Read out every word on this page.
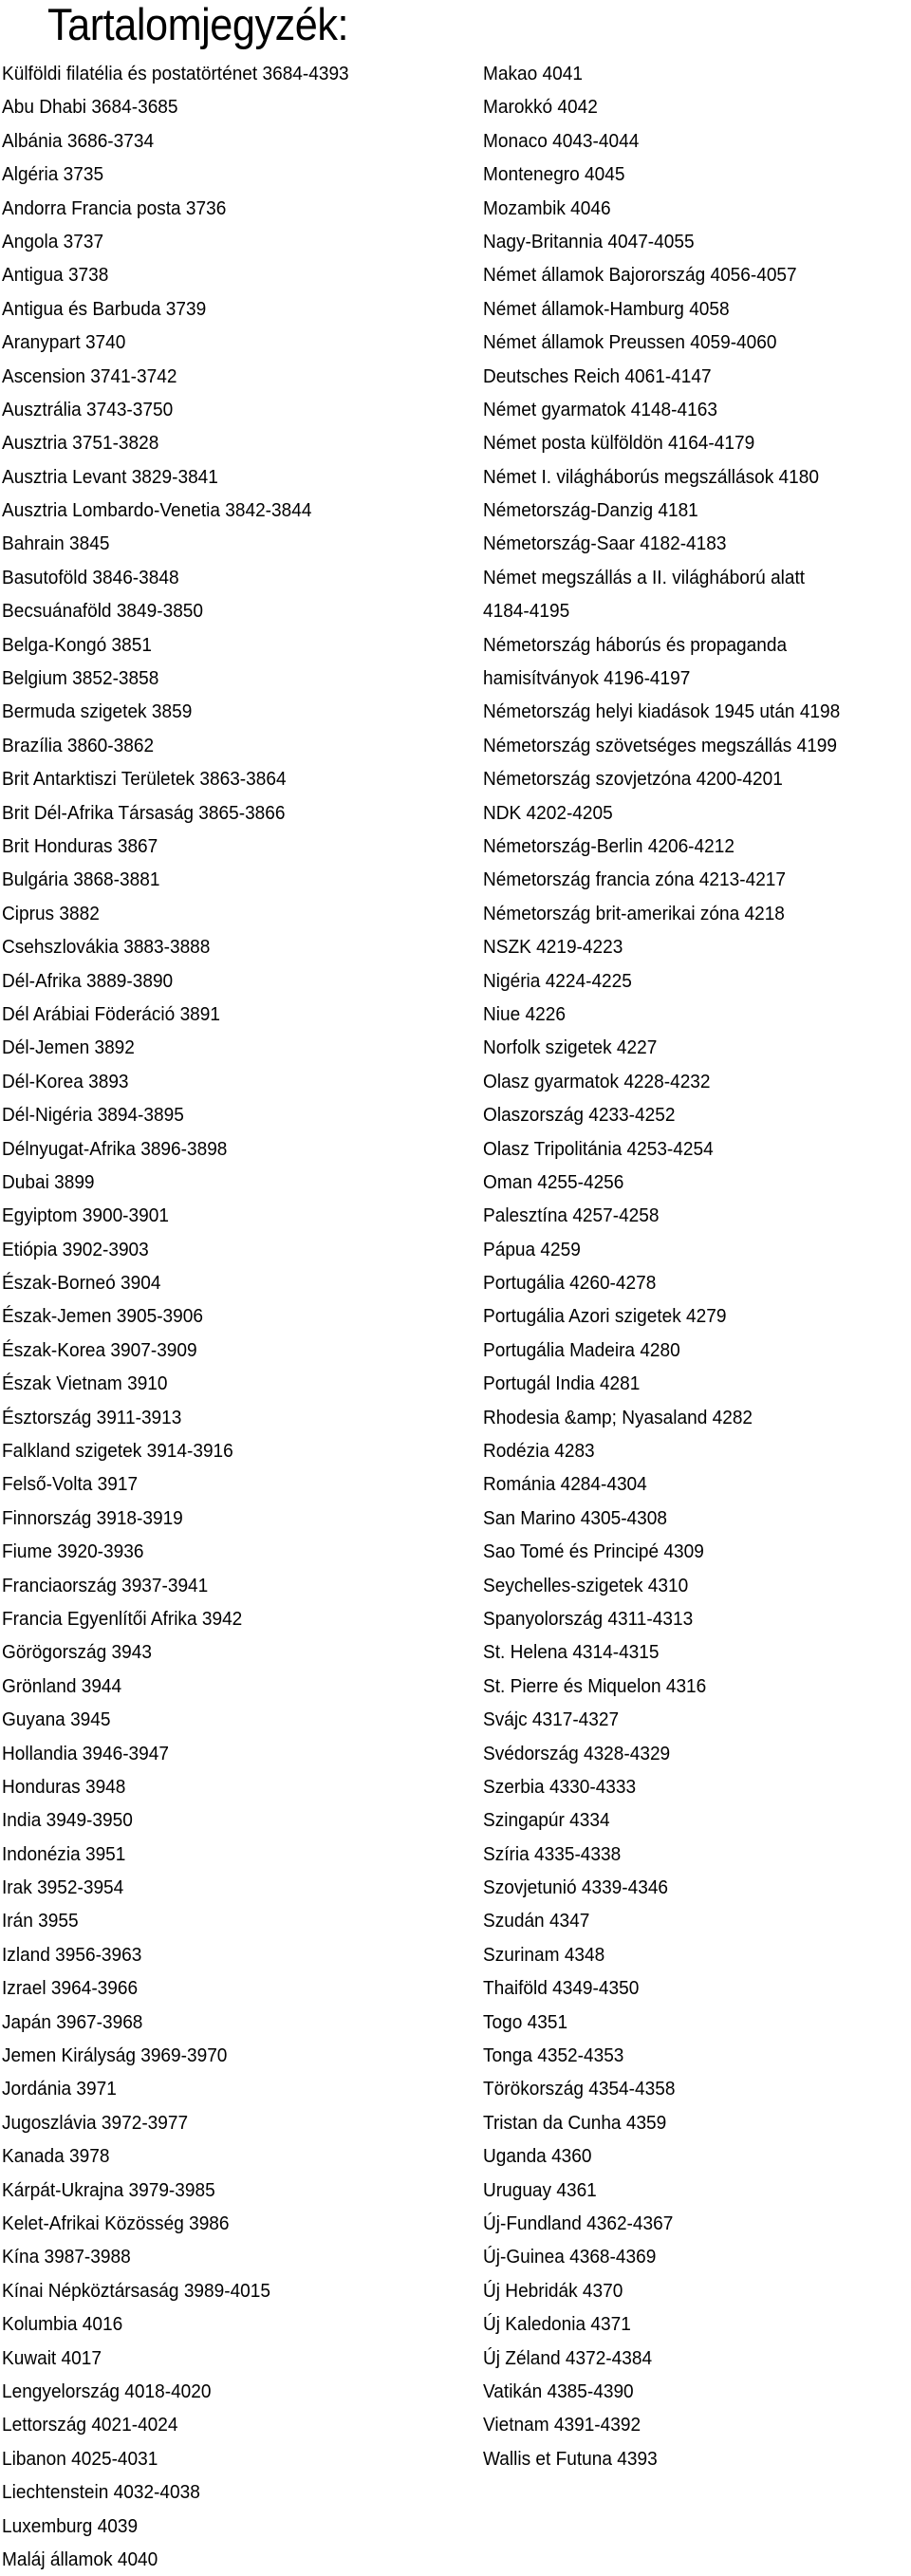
Tartalomjegyzék:
Külföldi filatélia és postatörténet 3684-4393
Abu Dhabi 3684-3685
Albánia 3686-3734
Algéria 3735
Andorra Francia posta 3736
Angola 3737
Antigua 3738
Antigua és Barbuda 3739
Aranypart 3740
Ascension 3741-3742
Ausztrália 3743-3750
Ausztria 3751-3828
Ausztria Levant 3829-3841
Ausztria Lombardo-Venetia 3842-3844
Bahrain 3845
Basutoföld 3846-3848
Becsuánaföld 3849-3850
Belga-Kongó 3851
Belgium 3852-3858
Bermuda szigetek 3859
Brazília 3860-3862
Brit Antarktiszi Területek 3863-3864
Brit Dél-Afrika Társaság 3865-3866
Brit Honduras 3867
Bulgária 3868-3881
Ciprus 3882
Csehszlovákia 3883-3888
Dél-Afrika 3889-3890
Dél Arábiai Föderáció 3891
Dél-Jemen 3892
Dél-Korea 3893
Dél-Nigéria 3894-3895
Délnyugat-Afrika 3896-3898
Dubai 3899
Egyiptom 3900-3901
Etiópia 3902-3903
Észak-Borneó 3904
Észak-Jemen 3905-3906
Észak-Korea 3907-3909
Észak Vietnam 3910
Észtország 3911-3913
Falkland szigetek 3914-3916
Felső-Volta 3917
Finnország 3918-3919
Fiume 3920-3936
Franciaország 3937-3941
Francia Egyenlítői Afrika 3942
Görögország 3943
Grönland 3944
Guyana 3945
Hollandia 3946-3947
Honduras 3948
India 3949-3950
Indonézia 3951
Irak 3952-3954
Irán 3955
Izland 3956-3963
Izrael 3964-3966
Japán 3967-3968
Jemen Királyság 3969-3970
Jordánia 3971
Jugoszlávia 3972-3977
Kanada 3978
Kárpát-Ukrajna 3979-3985
Kelet-Afrikai Közösség 3986
Kína 3987-3988
Kínai Népköztársaság 3989-4015
Kolumbia 4016
Kuwait 4017
Lengyelország 4018-4020
Lettország 4021-4024
Libanon 4025-4031
Liechtenstein 4032-4038
Luxemburg 4039
Maláj államok 4040
Makao 4041
Marokkó 4042
Monaco 4043-4044
Montenegro 4045
Mozambik 4046
Nagy-Britannia 4047-4055
Német államok Bajorország 4056-4057
Német államok-Hamburg 4058
Német államok Preussen 4059-4060
Deutsches Reich 4061-4147
Német gyarmatok 4148-4163
Német posta külföldön 4164-4179
Német I. világháborús megszállások 4180
Németország-Danzig 4181
Németország-Saar 4182-4183
Német megszállás a II. világháború alatt
4184-4195
Németország háborús és propaganda
hamisítványok 4196-4197
Németország helyi kiadások 1945 után 4198
Németország szövetséges megszállás 4199
Németország szovjetzóna 4200-4201
NDK 4202-4205
Németország-Berlin 4206-4212
Németország francia zóna 4213-4217
Németország brit-amerikai zóna 4218
NSZK 4219-4223
Nigéria 4224-4225
Niue 4226
Norfolk szigetek 4227
Olasz gyarmatok 4228-4232
Olaszország 4233-4252
Olasz Tripolitánia 4253-4254
Oman 4255-4256
Palesztína 4257-4258
Pápua 4259
Portugália 4260-4278
Portugália Azori szigetek 4279
Portugália Madeira 4280
Portugál India 4281
Rhodesia &amp; Nyasaland 4282
Rodézia 4283
Románia 4284-4304
San Marino 4305-4308
Sao Tomé és Principé 4309
Seychelles-szigetek 4310
Spanyolország 4311-4313
St. Helena 4314-4315
St. Pierre és Miquelon 4316
Svájc 4317-4327
Svédország 4328-4329
Szerbia 4330-4333
Szingapúr 4334
Szíria 4335-4338
Szovjetunió 4339-4346
Szudán 4347
Szurinam 4348
Thaiföld 4349-4350
Togo 4351
Tonga 4352-4353
Törökország 4354-4358
Tristan da Cunha 4359
Uganda 4360
Uruguay 4361
Új-Fundland 4362-4367
Új-Guinea 4368-4369
Új Hebridák 4370
Új Kaledonia 4371
Új Zéland 4372-4384
Vatikán 4385-4390
Vietnam 4391-4392
Wallis et Futuna 4393
